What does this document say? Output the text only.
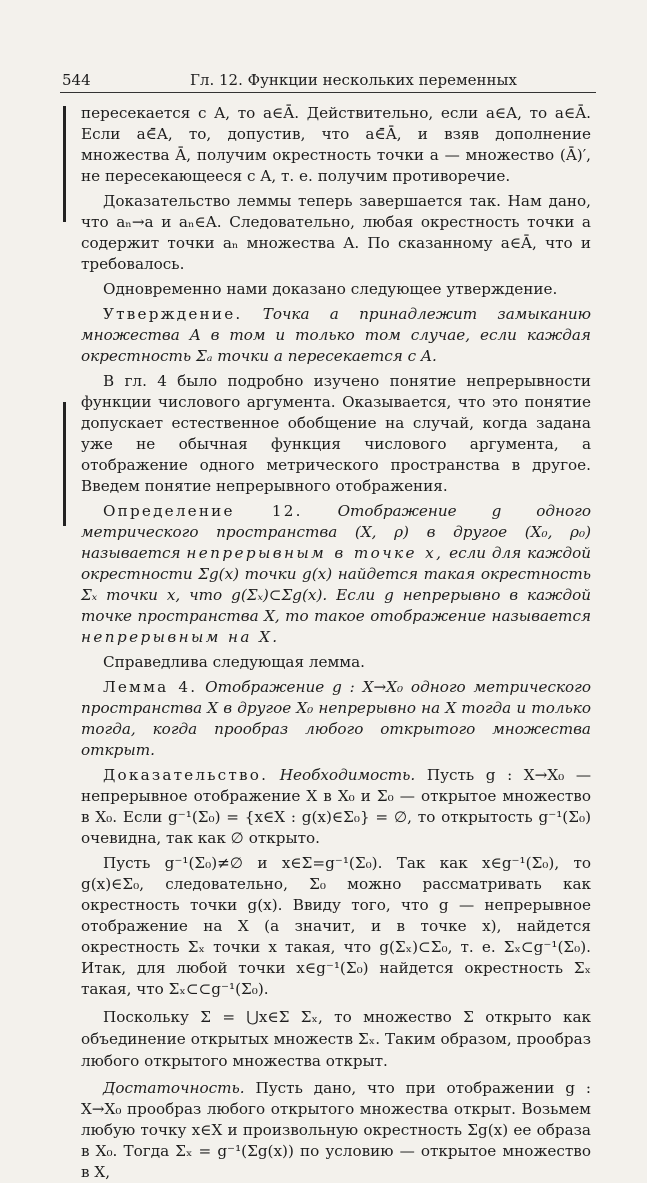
544	Гл. 12. Функции нескольких переменных

пересекается с A, то a∈Ā. Действительно, если a∈A, то a∈Ā. Если a∈̄A, то, допустив, что a∈̄Ā, и взяв дополнение множества Ā, получим окрестность точки a — множество (Ā)′, не пересекающееся с A, т. е. получим противоречие.

Доказательство леммы теперь завершается так. Нам дано, что aₙ→a и aₙ∈A. Следовательно, любая окрестность точки a содержит точки aₙ множества A. По сказанному a∈Ā, что и требовалось.

Одновременно нами доказано следующее утверждение.

Утверждение. Точка a принадлежит замыканию множества A в том и только том случае, если каждая окрестность Σₐ точки a пересекается с A.

В гл. 4 было подробно изучено понятие непрерывности функции числового аргумента. Оказывается, что это понятие допускает естественное обобщение на случай, когда задана уже не обычная функция числового аргумента, а отображение одного метрического пространства в другое. Введем понятие непрерывного отображения.

Определение 12. Отображение g одного метрического пространства (X, ρ) в другое (X₀, ρ₀) называется непрерывным в точке x, если для каждой окрестности Σg(x) точки g(x) найдется такая окрестность Σₓ точки x, что g(Σₓ)⊂Σg(x). Если g непрерывно в каждой точке пространства X, то такое отображение называется непрерывным на X.

Справедлива следующая лемма.

Лемма 4. Отображение g : X→X₀ одного метрического пространства X в другое X₀ непрерывно на X тогда и только тогда, когда прообраз любого открытого множества открыт.

Доказательство. Необходимость. Пусть g : X→X₀ — непрерывное отображение X в X₀ и Σ₀ — открытое множество в X₀. Если g⁻¹(Σ₀) = {x∈X : g(x)∈Σ₀} = ∅, то открытость g⁻¹(Σ₀) очевидна, так как ∅ открыто.

Пусть g⁻¹(Σ₀)≠∅ и x∈Σ=g⁻¹(Σ₀). Так как x∈g⁻¹(Σ₀), то g(x)∈Σ₀, следовательно, Σ₀ можно рассматривать как окрестность точки g(x). Ввиду того, что g — непрерывное отображение на X (а значит, и в точке x), найдется окрестность Σₓ точки x такая, что g(Σₓ)⊂Σ₀, т. е. Σₓ⊂g⁻¹(Σ₀). Итак, для любой точки x∈g⁻¹(Σ₀) найдется окрестность Σₓ такая, что Σₓ⊂⊂g⁻¹(Σ₀).

Поскольку Σ = ⋃x∈Σ Σₓ, то множество Σ открыто как объединение открытых множеств Σₓ. Таким образом, прообраз любого открытого множества открыт.

Достаточность. Пусть дано, что при отображении g : X→X₀ прообраз любого открытого множества открыт. Возьмем любую точку x∈X и произвольную окрестность Σg(x) ее образа в X₀. Тогда Σₓ = g⁻¹(Σg(x)) по условию — открытое множество в X,
